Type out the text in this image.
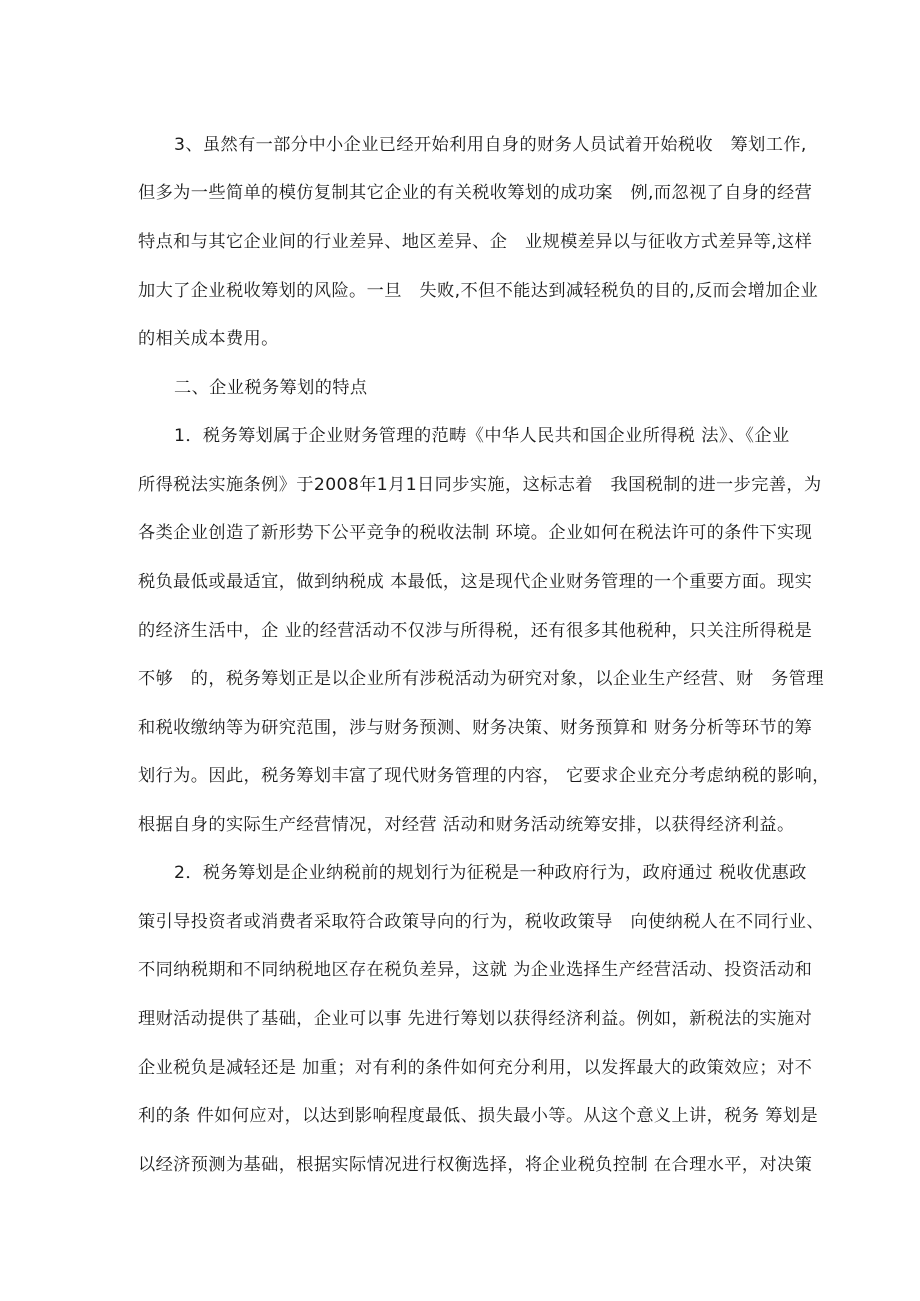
3、虽然有一部分中小企业已经开始利用自身的财务人员试着开始税收　筹划工作,
但多为一些简单的模仿复制其它企业的有关税收筹划的成功案　例,而忽视了自身的经营
特点和与其它企业间的行业差异、地区差异、企　业规模差异以与征收方式差异等,这样
加大了企业税收筹划的风险。一旦　失败,不但不能达到减轻税负的目的,反而会增加企业
的相关成本费用。
二、企业税务筹划的特点
1．税务筹划属于企业财务管理的范畴《中华人民共和国企业所得税 法》、《企业
所得税法实施条例》于2008年1月1日同步实施，这标志着　我国税制的进一步完善，为
各类企业创造了新形势下公平竞争的税收法制 环境。企业如何在税法许可的条件下实现
税负最低或最适宜，做到纳税成 本最低，这是现代企业财务管理的一个重要方面。现实
的经济生活中，企 业的经营活动不仅涉与所得税，还有很多其他税种，只关注所得税是
不够　的，税务筹划正是以企业所有涉税活动为研究对象，以企业生产经营、财　务管理
和税收缴纳等为研究范围，涉与财务预测、财务决策、财务预算和 财务分析等环节的筹
划行为。因此，税务筹划丰富了现代财务管理的内容， 它要求企业充分考虑纳税的影响，
根据自身的实际生产经营情况，对经营 活动和财务活动统筹安排，以获得经济利益。
2．税务筹划是企业纳税前的规划行为征税是一种政府行为，政府通过 税收优惠政
策引导投资者或消费者采取符合政策导向的行为，税收政策导　向使纳税人在不同行业、
不同纳税期和不同纳税地区存在税负差异，这就 为企业选择生产经营活动、投资活动和
理财活动提供了基础，企业可以事 先进行筹划以获得经济利益。例如，新税法的实施对
企业税负是减轻还是 加重；对有利的条件如何充分利用，以发挥最大的政策效应；对不
利的条 件如何应对，以达到影响程度最低、损失最小等。从这个意义上讲，税务 筹划是
以经济预测为基础，根据实际情况进行权衡选择，将企业税负控制 在合理水平，对决策
